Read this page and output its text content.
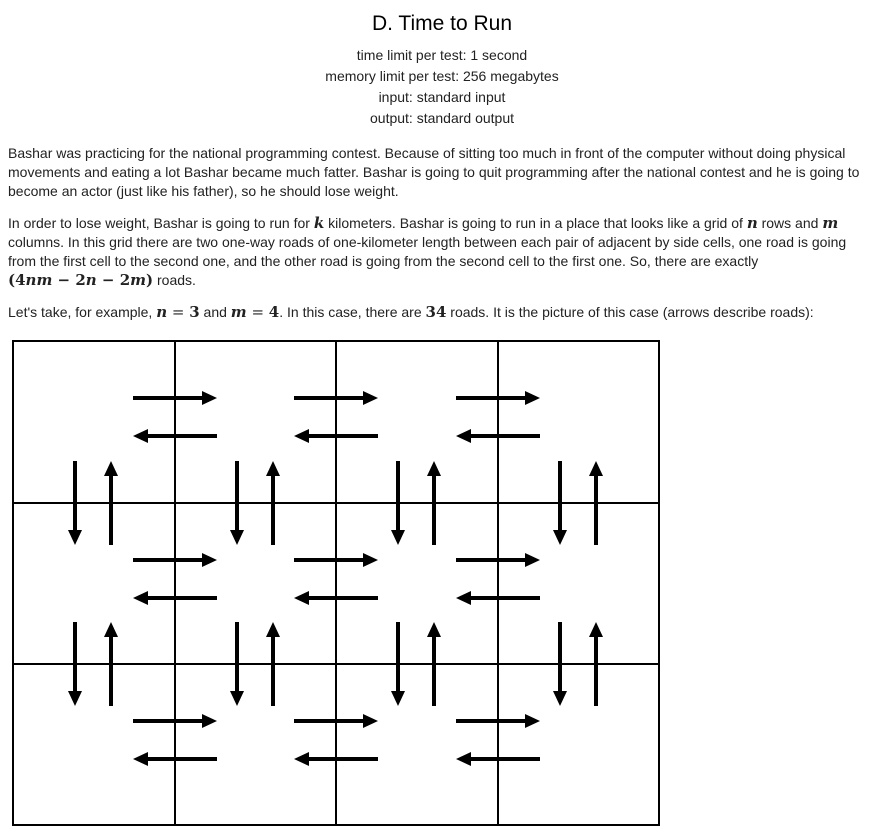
D. Time to Run
time limit per test: 1 second
memory limit per test: 256 megabytes
input: standard input
output: standard output
Bashar was practicing for the national programming contest. Because of sitting too much in front of the computer without doing physical movements and eating a lot Bashar became much fatter. Bashar is going to quit programming after the national contest and he is going to become an actor (just like his father), so he should lose weight.
In order to lose weight, Bashar is going to run for k kilometers. Bashar is going to run in a place that looks like a grid of n rows and m columns. In this grid there are two one-way roads of one-kilometer length between each pair of adjacent by side cells, one road is going from the first cell to the second one, and the other road is going from the second cell to the first one. So, there are exactly
(4nm − 2n − 2m) roads.
Let's take, for example, n = 3 and m = 4. In this case, there are 34 roads. It is the picture of this case (arrows describe roads):
